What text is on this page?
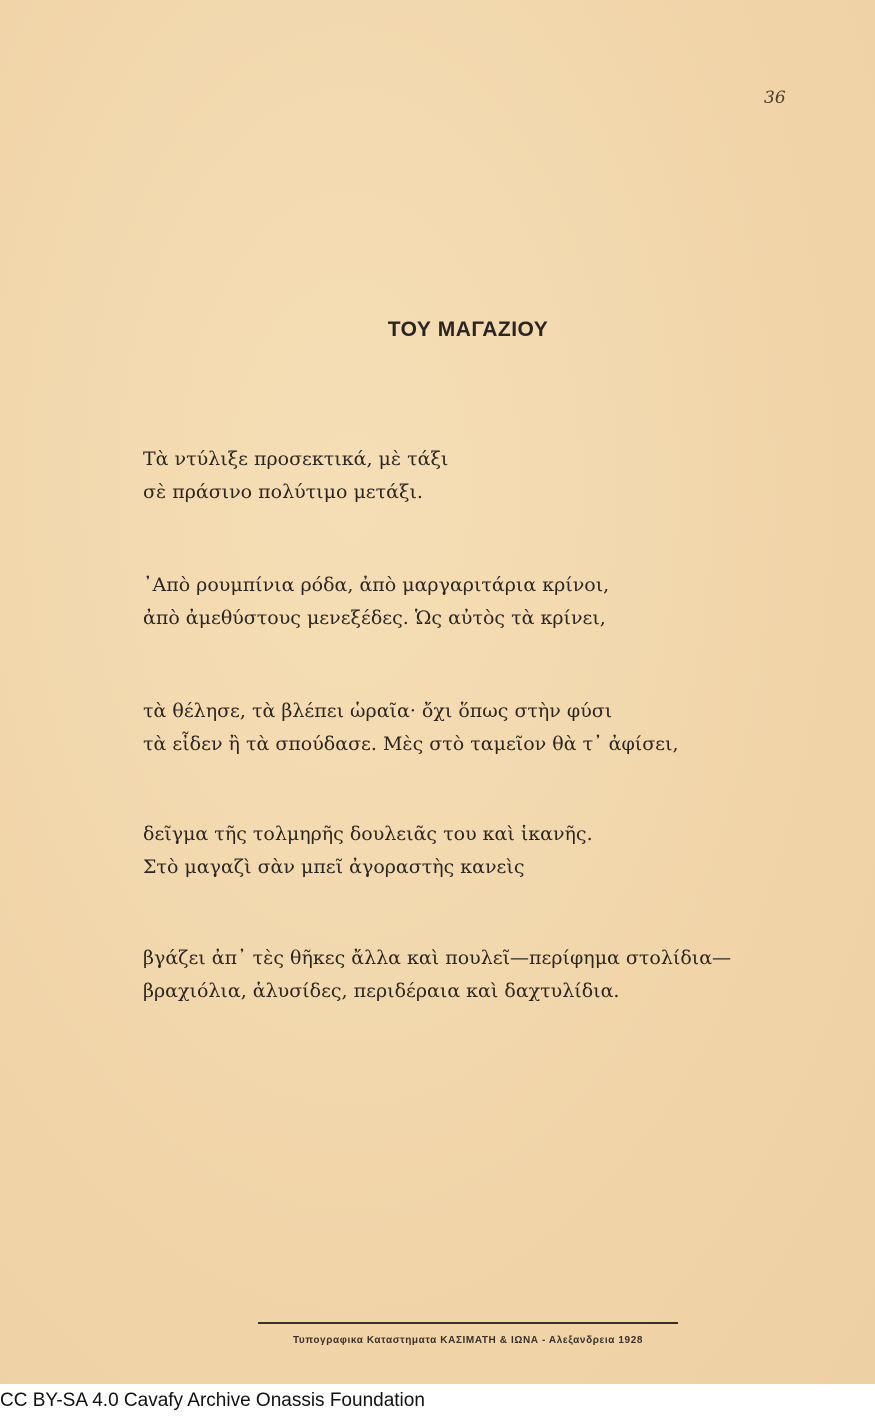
36
ΤΟΥ ΜΑΓΑΖΙΟΥ
Τὰ ντύλιξε προσεκτικά, μὲ τάξι
σὲ πράσινο πολύτιμο μετάξι.
᾿Απὸ ρουμπίνια ρόδα, ἀπὸ μαργαριτάρια κρίνοι,
ἀπὸ ἀμεθύστους μενεξέδες. Ὡς αὐτὸς τὰ κρίνει,
τὰ θέλησε, τὰ βλέπει ὡραῖα· ὄχι ὅπως στὴν φύσι
τὰ εἶδεν ἢ τὰ σπούδασε. Μὲς στὸ ταμεῖον θὰ τ᾿ ἀφίσει,
δεῖγμα τῆς τολμηρῆς δουλειᾶς του καὶ ἱκανῆς.
Στὸ μαγαζὶ σὰν μπεῖ ἀγοραστὴς κανεὶς
βγάζει ἀπ᾿ τὲς θῆκες ἄλλα καὶ πουλεῖ—περίφημα στολίδια—
βραχιόλια, ἁλυσίδες, περιδέραια καὶ δαχτυλίδια.
Τυπογραφικα Καταστηματα ΚΑΣΙΜΑΤΗ & ΙΩΝΑ - Αλεξανδρεια 1928
CC BY-SA 4.0 Cavafy Archive Onassis Foundation
